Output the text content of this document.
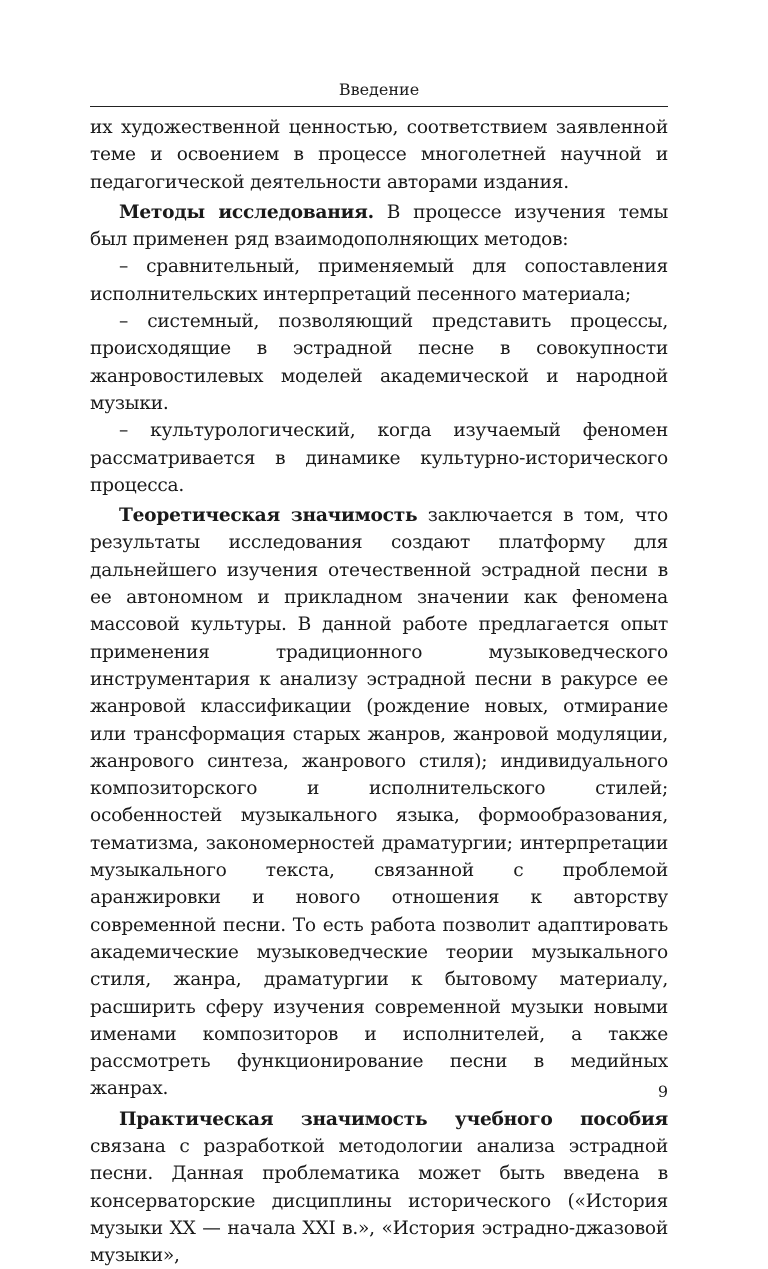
Введение

их художественной ценностью, соответствием заявленной теме и освоением в процессе многолетней научной и педагогической деятельности авторами издания.

Методы исследования. В процессе изучения темы был применен ряд взаимодополняющих методов:

– сравнительный, применяемый для сопоставления исполнительских интерпретаций песенного материала;

– системный, позволяющий представить процессы, происходящие в эстрадной песне в совокупности жанровостилевых моделей академической и народной музыки.

– культурологический, когда изучаемый феномен рассматривается в динамике культурно-исторического процесса.

Теоретическая значимость заключается в том, что результаты исследования создают платформу для дальнейшего изучения отечественной эстрадной песни в ее автономном и прикладном значении как феномена массовой культуры. В данной работе предлагается опыт применения традиционного музыковедческого инструментария к анализу эстрадной песни в ракурсе ее жанровой классификации (рождение новых, отмирание или трансформация старых жанров, жанровой модуляции, жанрового синтеза, жанрового стиля); индивидуального композиторского и исполнительского стилей; особенностей музыкального языка, формообразования, тематизма, закономерностей драматургии; интерпретации музыкального текста, связанной с проблемой аранжировки и нового отношения к авторству современной песни. То есть работа позволит адаптировать академические музыковедческие теории музыкального стиля, жанра, драматургии к бытовому материалу, расширить сферу изучения современной музыки новыми именами композиторов и исполнителей, а также рассмотреть функционирование песни в медийных жанрах.

Практическая значимость учебного пособия связана с разработкой методологии анализа эстрадной песни. Данная проблематика может быть введена в консерваторские дисциплины исторического («История музыки XX — начала XXI в.», «История эстрадно-джазовой музыки»,

9
